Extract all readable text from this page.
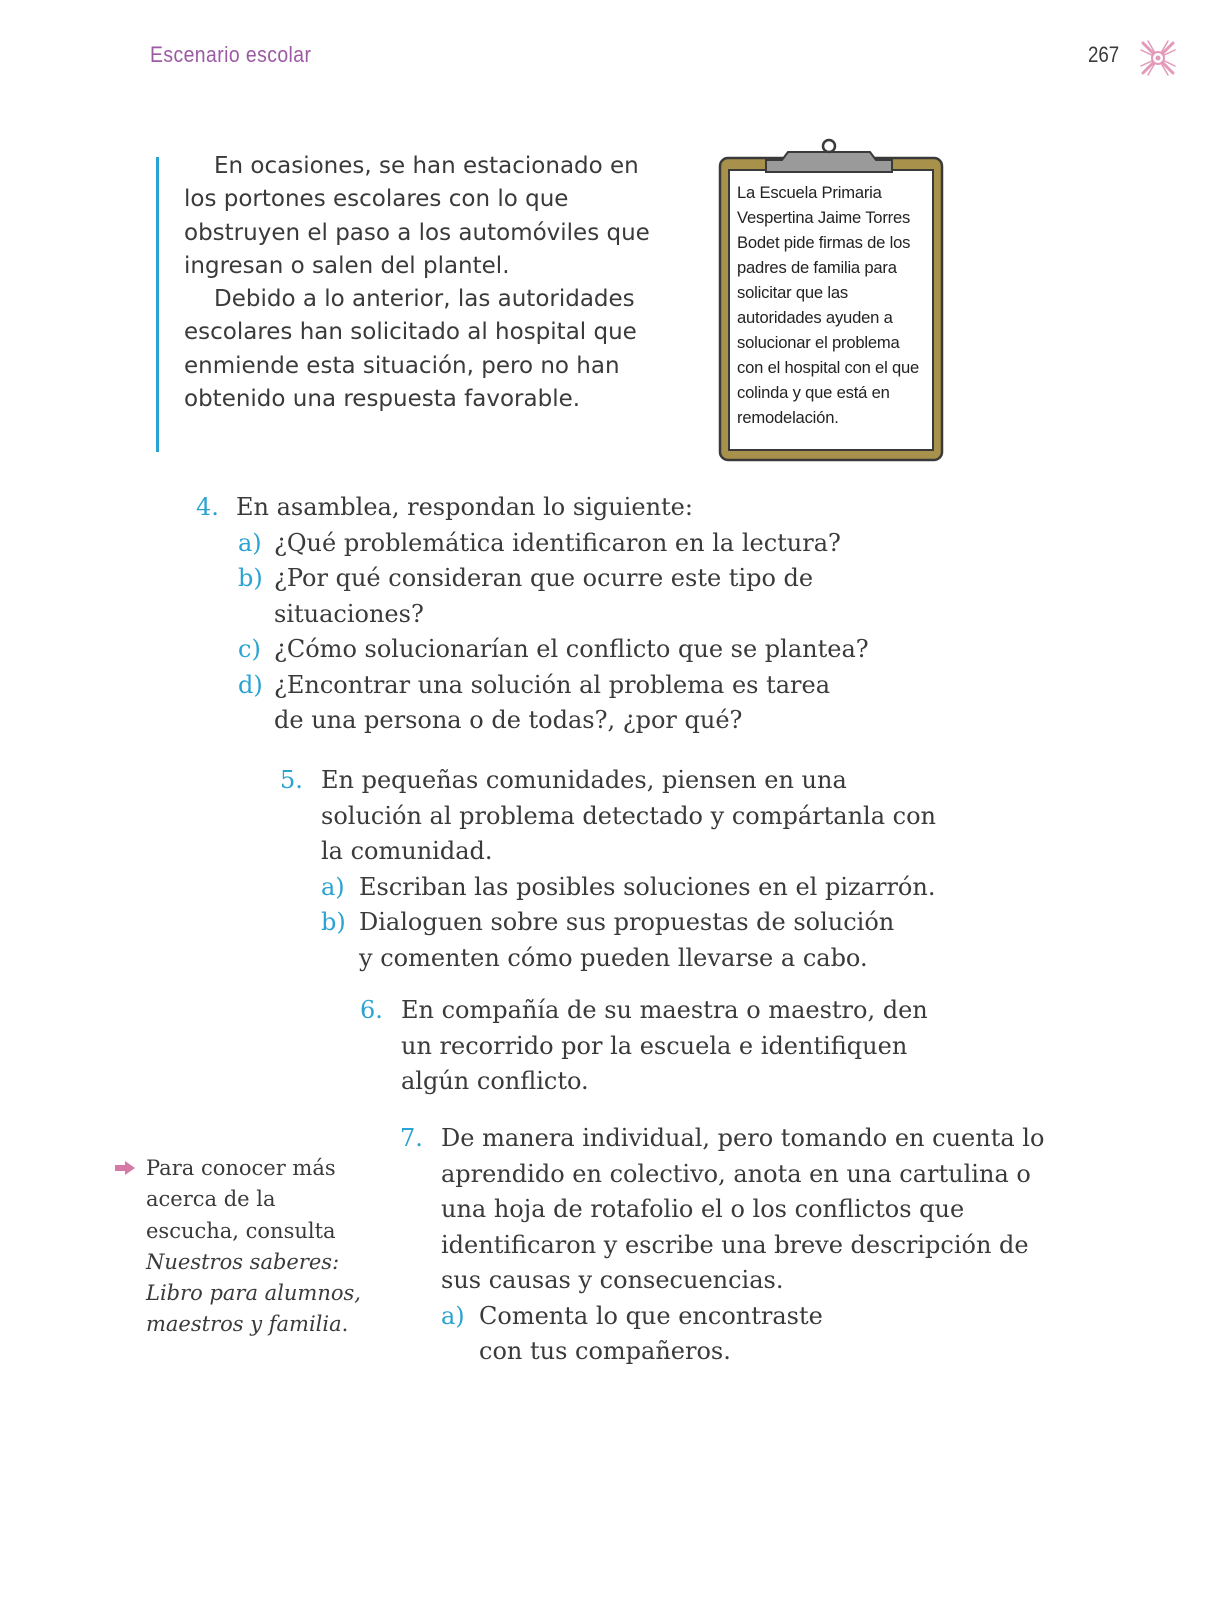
Escenario escolar	267

En ocasiones, se han estacionado en los portones escolares con lo que obstruyen el paso a los automóviles que ingresan o salen del plantel.

Debido a lo anterior, las autoridades escolares han solicitado al hospital que enmiende esta situación, pero no han obtenido una respuesta favorable.

La Escuela Primaria Vespertina Jaime Torres Bodet pide firmas de los padres de familia para solicitar que las autoridades ayuden a solucionar el problema con el hospital con el que colinda y que está en remodelación.
4. En asamblea, respondan lo siguiente:
a) ¿Qué problemática identificaron en la lectura?
b) ¿Por qué consideran que ocurre este tipo de situaciones?
c) ¿Cómo solucionarían el conflicto que se plantea?
d) ¿Encontrar una solución al problema es tarea de una persona o de todas?, ¿por qué?
5. En pequeñas comunidades, piensen en una solución al problema detectado y compártanla con la comunidad.
a) Escriban las posibles soluciones en el pizarrón.
b) Dialoguen sobre sus propuestas de solución y comenten cómo pueden llevarse a cabo.
6. En compañía de su maestra o maestro, den un recorrido por la escuela e identifiquen algún conflicto.
7. De manera individual, pero tomando en cuenta lo aprendido en colectivo, anota en una cartulina o una hoja de rotafolio el o los conflictos que identificaron y escribe una breve descripción de sus causas y consecuencias.
a) Comenta lo que encontraste con tus compañeros.
Para conocer más acerca de la escucha, consulta Nuestros saberes: Libro para alumnos, maestros y familia.
